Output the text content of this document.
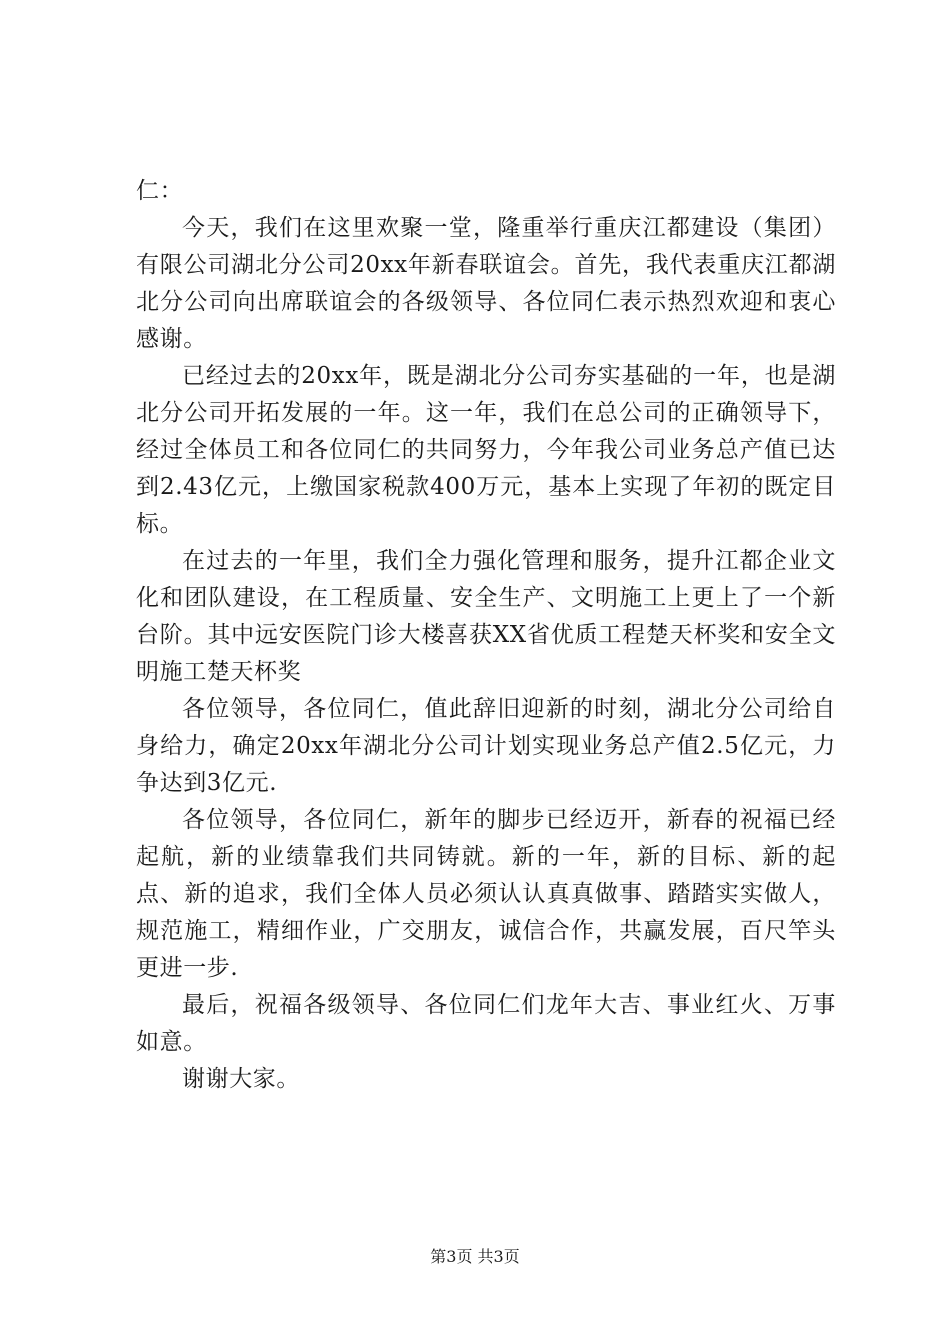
仁：

今天，我们在这里欢聚一堂，隆重举行重庆江都建设（集团）有限公司湖北分公司20xx年新春联谊会。首先，我代表重庆江都湖北分公司向出席联谊会的各级领导、各位同仁表示热烈欢迎和衷心感谢。

已经过去的20xx年，既是湖北分公司夯实基础的一年，也是湖北分公司开拓发展的一年。这一年，我们在总公司的正确领导下，经过全体员工和各位同仁的共同努力，今年我公司业务总产值已达到2.43亿元，上缴国家税款400万元，基本上实现了年初的既定目标。

在过去的一年里，我们全力强化管理和服务，提升江都企业文化和团队建设，在工程质量、安全生产、文明施工上更上了一个新台阶。其中远安医院门诊大楼喜获XX省优质工程楚天杯奖和安全文明施工楚天杯奖

各位领导，各位同仁，值此辞旧迎新的时刻，湖北分公司给自身给力，确定20xx年湖北分公司计划实现业务总产值2.5亿元，力争达到3亿元.

各位领导，各位同仁，新年的脚步已经迈开，新春的祝福已经起航，新的业绩靠我们共同铸就。新的一年，新的目标、新的起点、新的追求，我们全体人员必须认认真真做事、踏踏实实做人，规范施工，精细作业，广交朋友，诚信合作，共赢发展，百尺竿头更进一步.

最后，祝福各级领导、各位同仁们龙年大吉、事业红火、万事如意。

谢谢大家。

第3页 共3页
